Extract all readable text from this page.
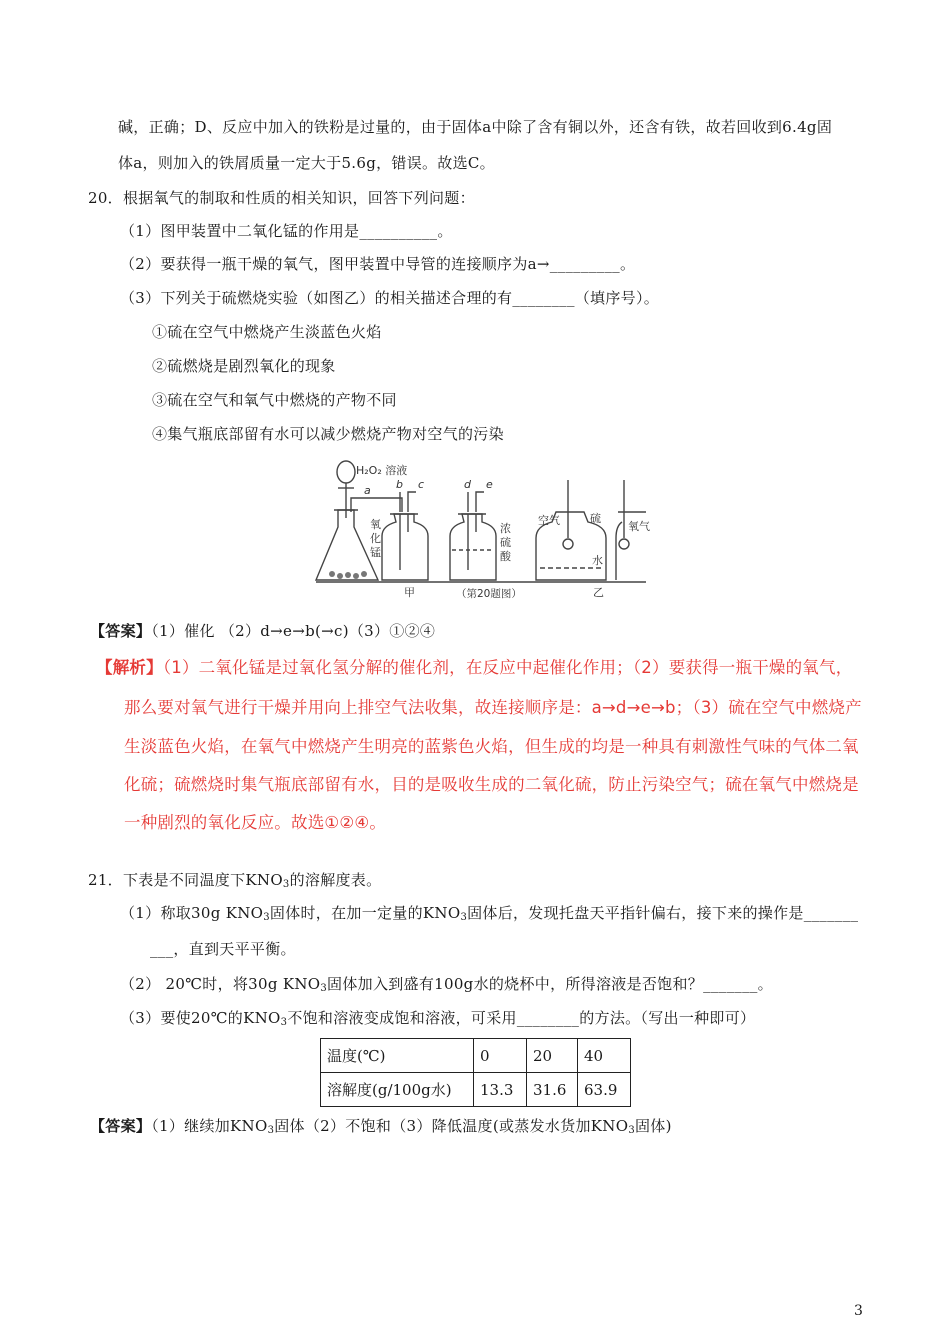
碱，正确；D、反应中加入的铁粉是过量的，由于固体a中除了含有铜以外，还含有铁，故若回收到6.4g固
体a，则加入的铁屑质量一定大于5.6g，错误。故选C。
20．根据氧气的制取和性质的相关知识，回答下列问题：
（1）图甲装置中二氧化锰的作用是__________。
（2）要获得一瓶干燥的氧气，图甲装置中导管的连接顺序为a→_________。
（3）下列关于硫燃烧实验（如图乙）的相关描述合理的有________（填序号）。
①硫在空气中燃烧产生淡蓝色火焰
②硫燃烧是剧烈氧化的现象
③硫在空气和氧气中燃烧的产物不同
④集气瓶底部留有水可以减少燃烧产物对空气的污染
H₂O₂ 溶液
a b c	d e
氧
化
锰
浓
硫
酸
空气	硫
氧气
水
甲	乙
（第20题图）
【答案】（1）催化 （2）d→e→b(→c)（3）①②④
【解析】（1）二氧化锰是过氧化氢分解的催化剂，在反应中起催化作用；（2）要获得一瓶干燥的氧气，
那么要对氧气进行干燥并用向上排空气法收集，故连接顺序是：a→d→e→b；（3）硫在空气中燃烧产
生淡蓝色火焰，在氧气中燃烧产生明亮的蓝紫色火焰，但生成的均是一种具有刺激性气味的气体二氧
化硫；硫燃烧时集气瓶底部留有水，目的是吸收生成的二氧化硫，防止污染空气；硫在氧气中燃烧是
一种剧烈的氧化反应。故选①②④。
21．下表是不同温度下$KNO_3$的溶解度表。
（1）称取30g $KNO_3$固体时，在加一定量的$KNO_3$固体后，发现托盘天平指针偏右，接下来的操作是_______
___，直到天平平衡。
（2） 20℃时，将30g $KNO_3$固体加入到盛有100g水的烧杯中，所得溶液是否饱和？_______。
（3）要使20℃的$KNO_3$不饱和溶液变成饱和溶液，可采用________的方法。（写出一种即可）
温度(℃)	0	20	40
溶解度(g/100g水)	13.3	31.6	63.9
【答案】（1）继续加$KNO_3$固体（2）不饱和（3）降低温度(或蒸发水货加$KNO_3$固体)
3
